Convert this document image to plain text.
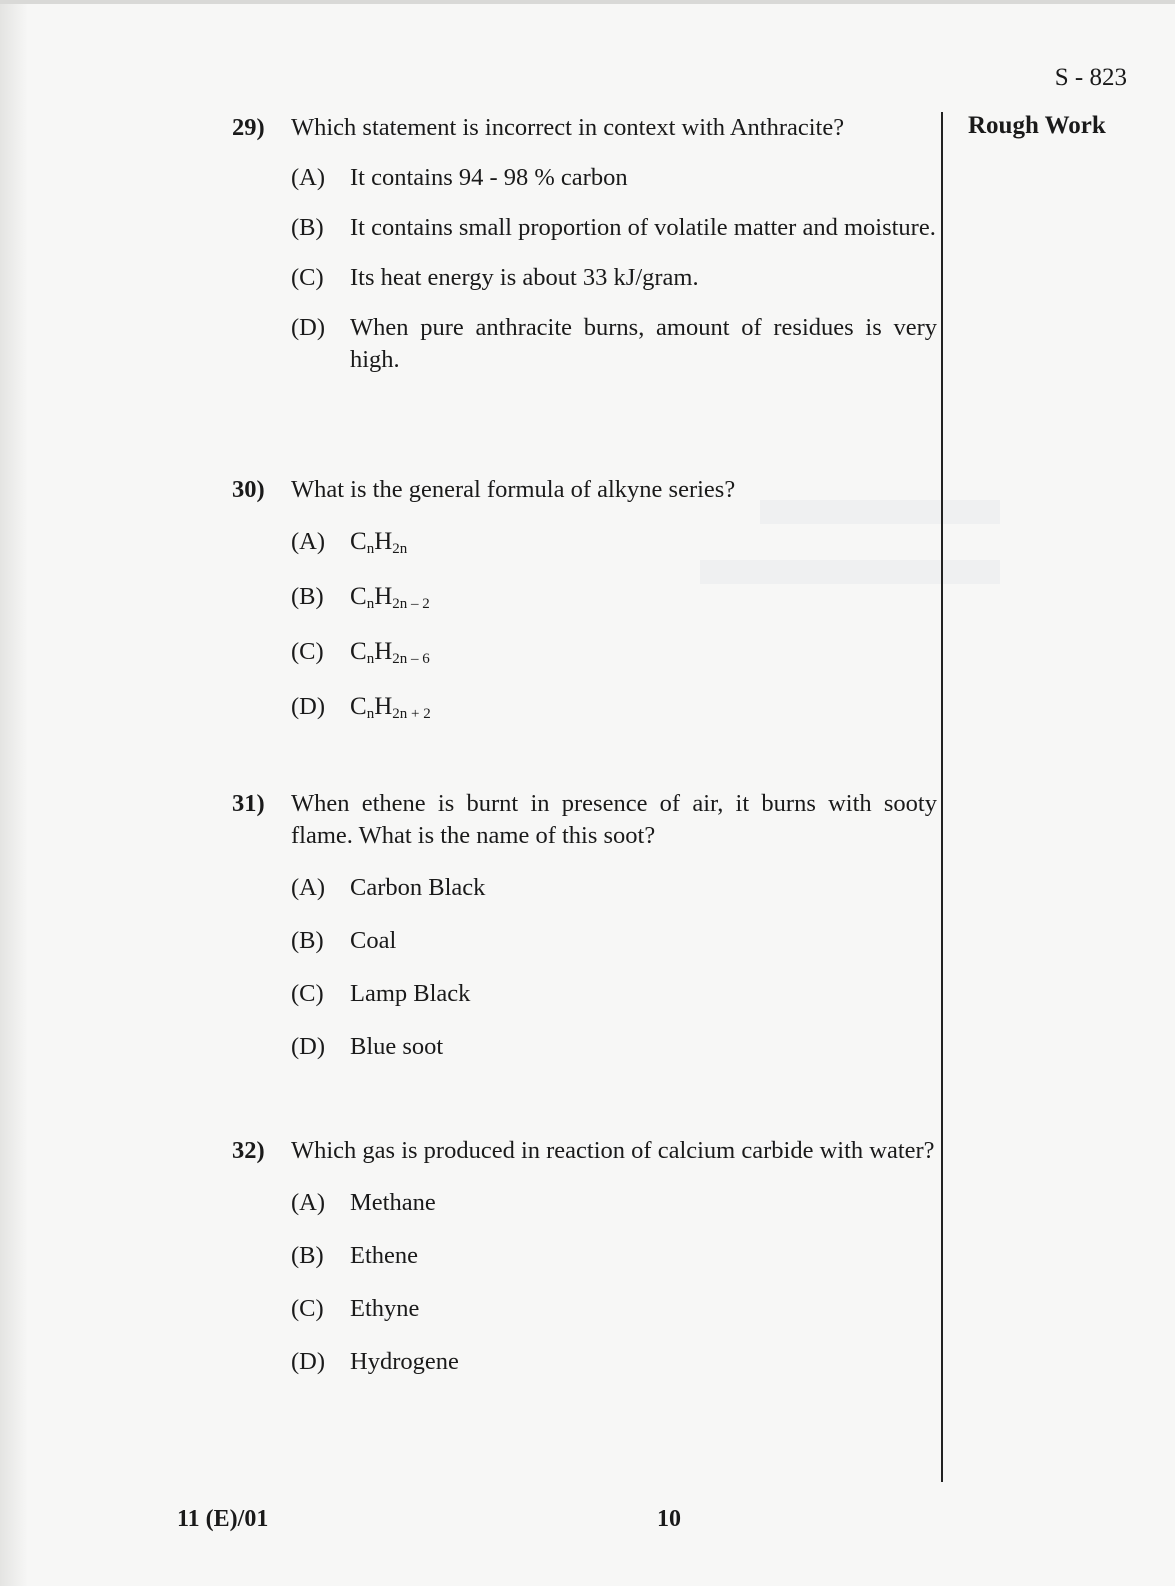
S - 823
Rough Work
29)	Which statement is incorrect in context with Anthracite?
(A)	It contains 94 - 98 % carbon
(B)	It contains small proportion of volatile matter and moisture.
(C)	Its heat energy is about 33 kJ/gram.
(D)	When pure anthracite burns, amount of residues is very high.
30)	What is the general formula of alkyne series?
(A) $C_nH_{2n}$
(B)	$C_nH_{2n - 2}$
(C)	$C_nH_{2n - 6}$
(D) $C_nH_{2n + 2}$
31)	When ethene is burnt in presence of air, it burns with sooty flame. What is the name of this soot?
(A)	Carbon Black
(B)	Coal
(C)	Lamp Black
(D)	Blue soot
32)	Which gas is produced in reaction of calcium carbide with water?
(A)	Methane
(B)	Ethene
(C)	Ethyne
(D)	Hydrogene
11 (E)/01	10
